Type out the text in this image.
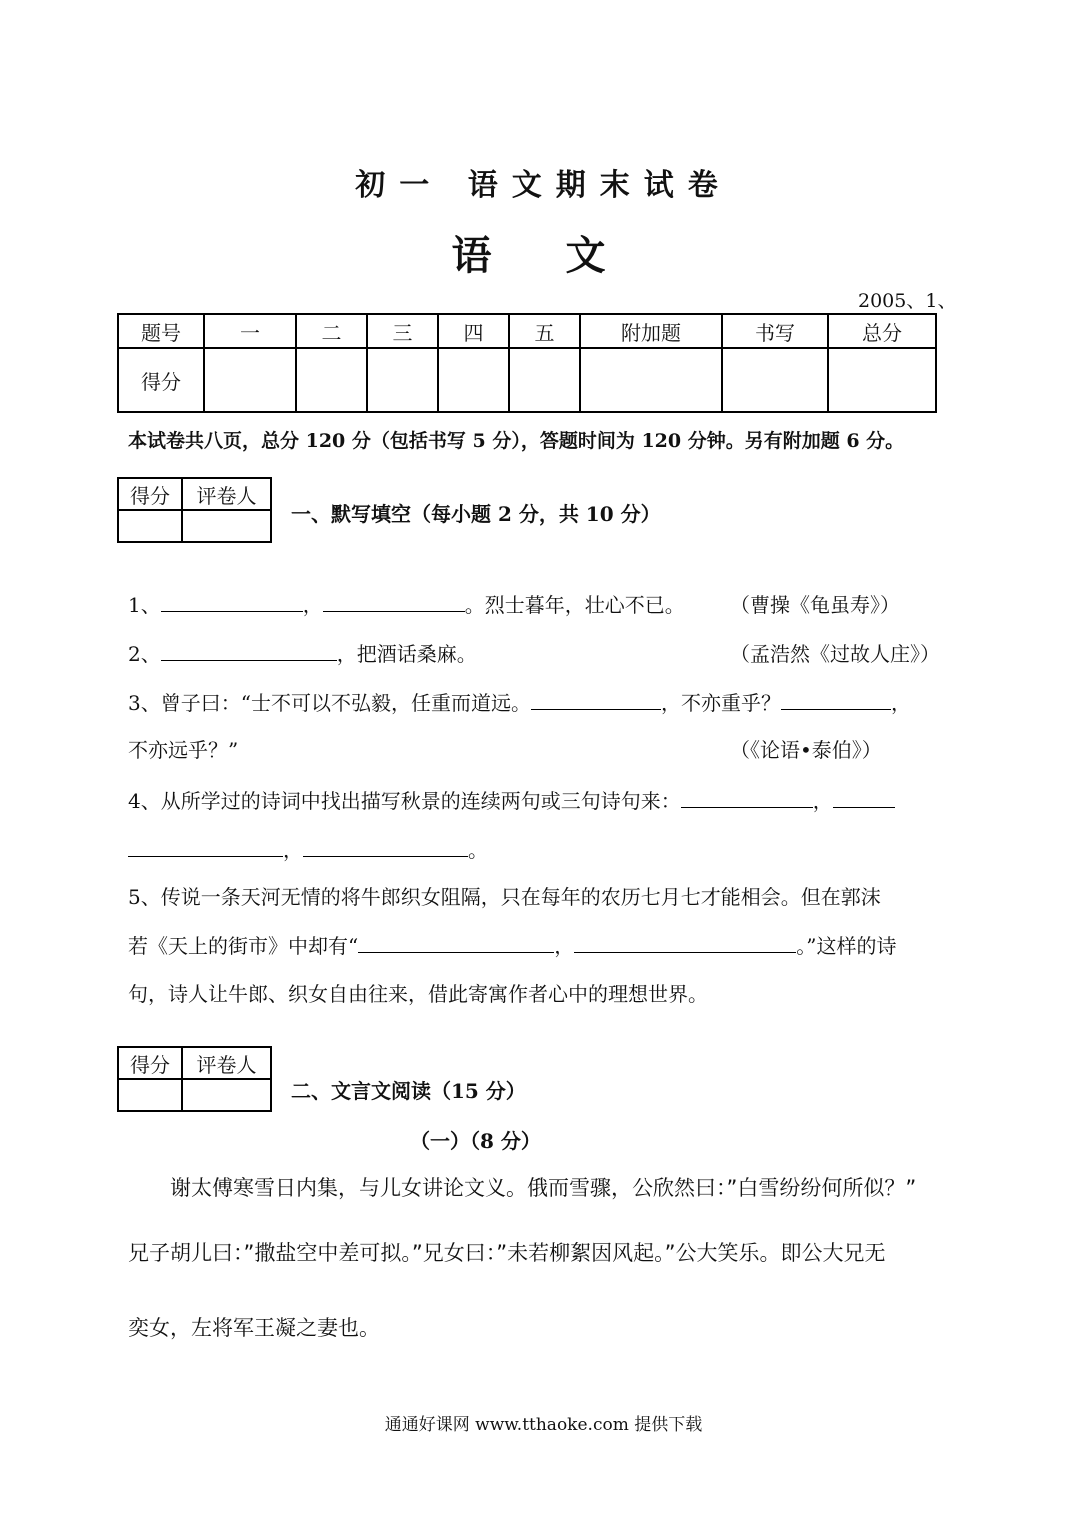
初一 语文期末试卷
语 文
2005、1、
题号	一	二	三	四	五	附加题	书写	总分
得分								
本试卷共八页，总分 120 分（包括书写 5 分），答题时间为 120 分钟。另有附加题 6 分。
得分	评卷人

一、默写填空（每小题 2 分，共 10 分）
1、	，	。烈士暮年，壮心不已。 （曹操《龟虽寿》）
2、	，把酒话桑麻。	（孟浩然《过故人庄》）
3、曾子曰：“士不可以不弘毅，任重而道远。	，不亦重乎？	，
不亦远乎？”	（《论语•泰伯》）
4、从所学过的诗词中找出描写秋景的连续两句或三句诗句来：	，
，	。
5、传说一条天河无情的将牛郎织女阻隔，只在每年的农历七月七才能相会。但在郭沫
若《天上的街市》中却有“	，	。”这样的诗
句，诗人让牛郎、织女自由往来，借此寄寓作者心中的理想世界。
得分	评卷人

二、文言文阅读（15 分）
（一）（8 分）
谢太傅寒雪日内集，与儿女讲论文义。俄而雪骤，公欣然曰：”白雪纷纷何所似？”
兄子胡儿曰：”撒盐空中差可拟。”兄女曰：”未若柳絮因风起。”公大笑乐。即公大兄无
奕女，左将军王凝之妻也。
通通好课网 www.tthaoke.com 提供下载
